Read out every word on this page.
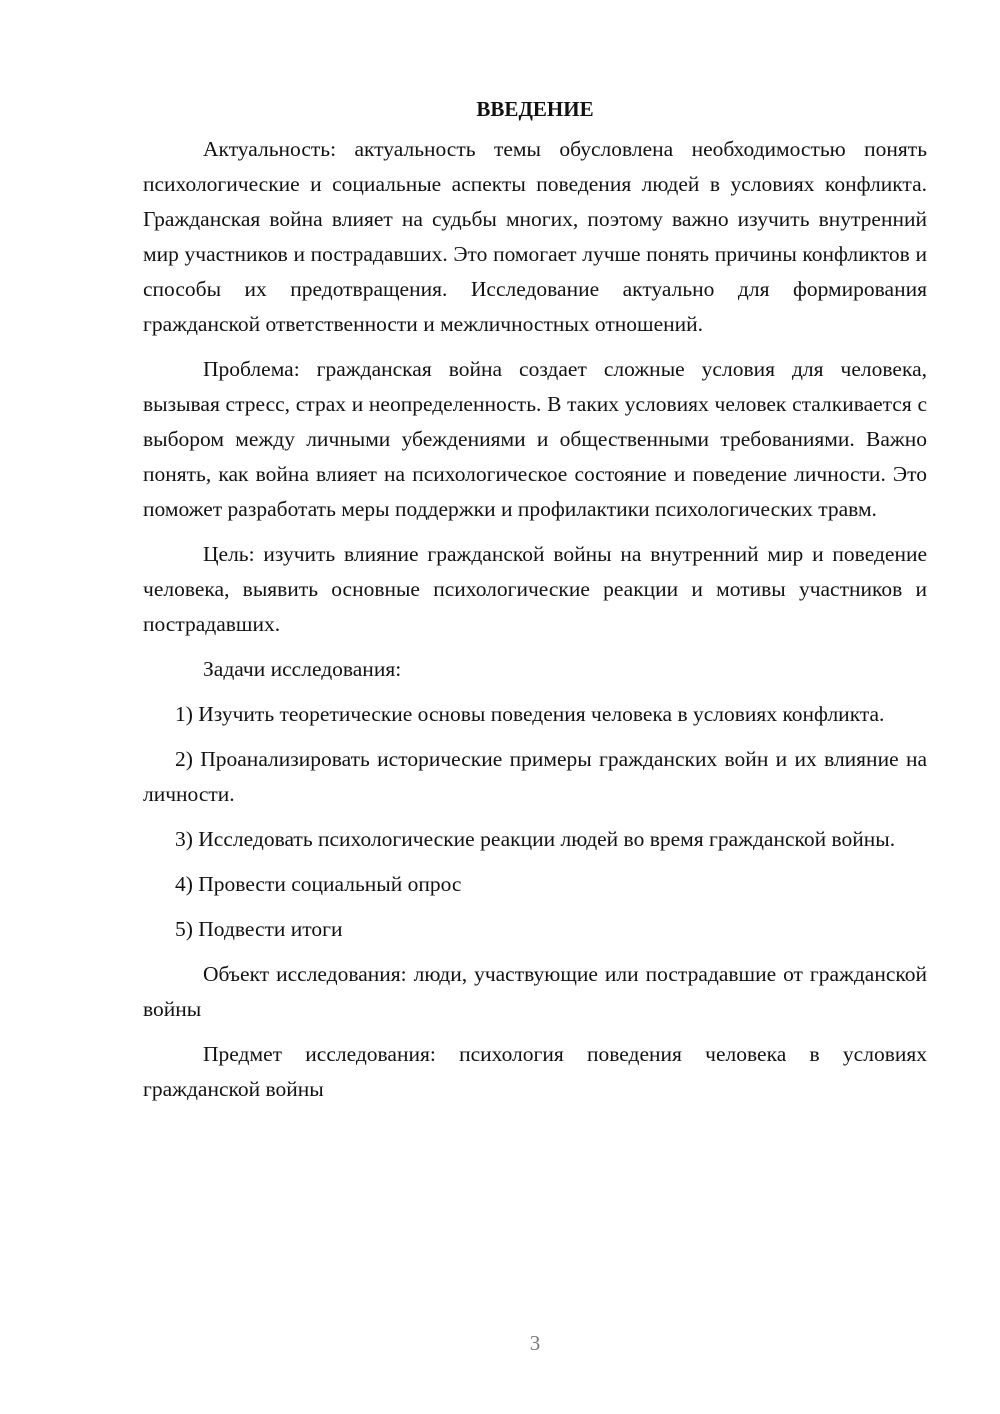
ВВЕДЕНИЕ

Актуальность: актуальность темы обусловлена необходимостью понять психологические и социальные аспекты поведения людей в условиях конфликта. Гражданская война влияет на судьбы многих, поэтому важно изучить внутренний мир участников и пострадавших. Это помогает лучше понять причины конфликтов и способы их предотвращения. Исследование актуально для формирования гражданской ответственности и межличностных отношений.

Проблема: гражданская война создает сложные условия для человека, вызывая стресс, страх и неопределенность. В таких условиях человек сталкивается с выбором между личными убеждениями и общественными требованиями. Важно понять, как война влияет на психологическое состояние и поведение личности. Это поможет разработать меры поддержки и профилактики психологических травм.

Цель: изучить влияние гражданской войны на внутренний мир и поведение человека, выявить основные психологические реакции и мотивы участников и пострадавших.

Задачи исследования:

1) Изучить теоретические основы поведения человека в условиях конфликта.

2) Проанализировать исторические примеры гражданских войн и их влияние на личности.

3) Исследовать психологические реакции людей во время гражданской войны.

4) Провести социальный опрос

5) Подвести итоги

Объект исследования: люди, участвующие или пострадавшие от гражданской войны

Предмет исследования: психология поведения человека в условиях гражданской войны

3
